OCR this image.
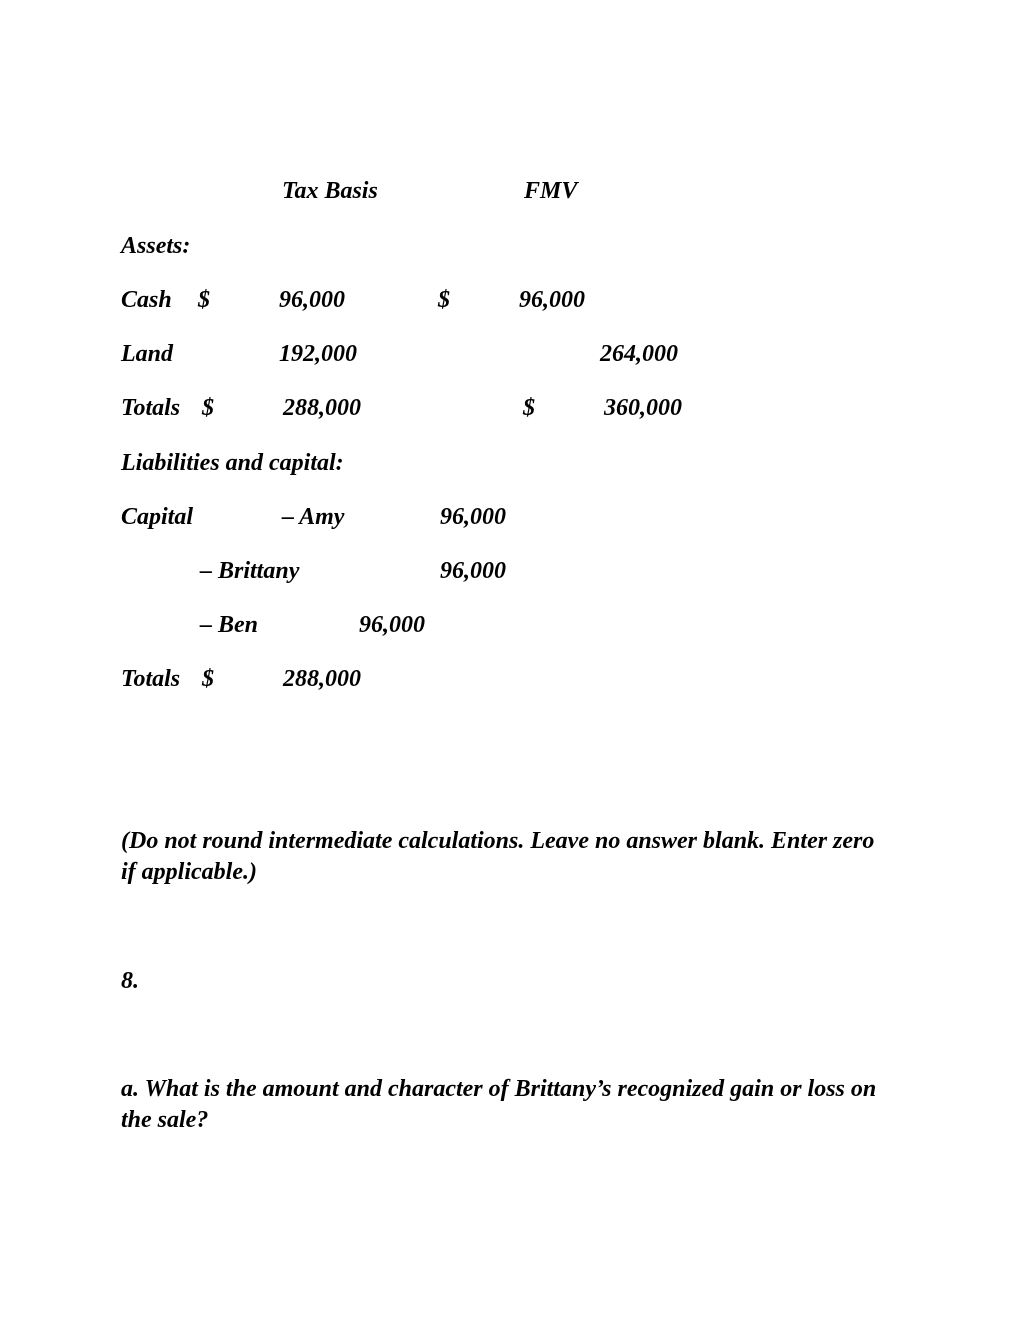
Tax Basis	FMV

Assets:

Cash $	96,000	$	96,000

Land	192,000	264,000

Totals $	288,000	$	360,000

Liabilities and capital:

Capital	– Amy	96,000

– Brittany	96,000

– Ben	96,000

Totals $	288,000

(Do not round intermediate calculations. Leave no answer blank. Enter zero if applicable.)

8.

a. What is the amount and character of Brittany’s recognized gain or loss on the sale?
